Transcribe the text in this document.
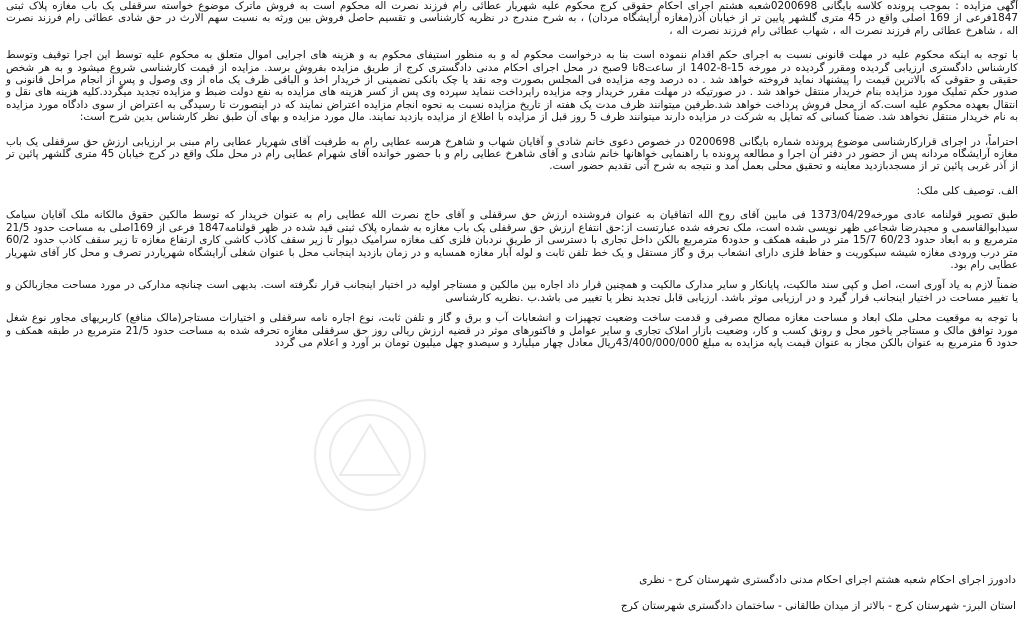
آگهی مزایده : بموجب پرونده کلاسه بایگانی 0200698شعبه هشتم اجرای احکام حقوقی کرج محکوم علیه شهریار عطائی رام فرزند نصرت اله محکوم است به فروش ماترک موضوع خواسته سرقفلی یک باب مغازه پلاک ثبتی 1847فرعی از 169 اصلی واقع در 45 متری گلشهر پایین تر از خیابان آذر(مغازه آرایشگاه مردان) ، به شرح مندرج در نظریه کارشناسی و تقسیم حاصل فروش بین ورثه به نسبت سهم الارث در حق شادی عطائی رام فرزند نصرت اله ، شاهرخ عطائی رام فرزند نصرت اله ، شهاب عطائی رام فرزند نصرت اله ،

با توجه به اینکه محکوم علیه در مهلت قانونی نسبت به اجرای حکم اقدام ننموده است بنا به درخواست محکوم له و به منظور استیفای محکوم به و هزینه های اجرایی اموال متعلق به محکوم علیه توسط این اجرا توقیف وتوسط کارشناس دادگستری ارزیابی گردیده ومقرر گردیده در مورخه 15-8-1402 از ساعت8تا 9صبح در محل اجرای احکام مدنی دادگستری کرج از طریق مزایده بفروش برسد. مزایده از قیمت کارشناسی شروع میشود و به هر شخص حقیقی و حقوقی که بالاترین قیمت را پیشنهاد نماید فروخته خواهد شد . ده درصد وجه مزایده فی المجلس بصورت وجه نقد یا چک بانکی تضمینی از خریدار اخذ و الباقی ظرف یک ماه از وی وصول و پس از انجام مراحل قانونی و صدور حکم تملیک مورد مزایده بنام خریدار منتقل خواهد شد . در صورتیکه در مهلت مقرر خریدار وجه مزایده رایرداخت ننماید سپرده وی پس از کسر هزینه های مزایده به نفع دولت ضبط و مزایده تجدید میگردد.کلیه هزینه های نقل و انتقال بعهده محکوم علیه است.که از محل فروش پرداخت خواهد شد.طرفین میتوانند ظرف مدت یک هفته از تاریخ مزایده نسبت به نحوه انجام مزایده اعتراض نمایند که در اینصورت تا رسیدگی به اعتراض از سوی دادگاه مورد مزایده به نام خریدار منتقل نخواهد شد. ضمناً کسانی که تمایل به شرکت در مزایده دارند میتوانند ظرف 5 روز قبل از مزایده با اطلاع از مزایده بازدید نمایند. مال مورد مزایده و بهای آن طبق نظر کارشناس بدین شرح است:

احتراماً، در اجرای قرارکارشناسی موضوع پرونده شماره بایگانی 0200698 در خصوص دعوی خانم شادی و آقایان شهاب و شاهرخ هرسه عطایی رام به طرفیت آقای شهریار عطایی رام مبنی بر ارزیابی ارزش حق سرقفلی یک باب مغازه آرایشگاه مردانه پس از حضور در دفتر آن اجرا و مطالعه پرونده با راهنمایی خواهانها خانم شادی و آقای شاهرخ عطایی رام و با حضور خوانده آقای شهرام عطایی رام در محل ملک واقع در کرج خیابان 45 متری گلشهر پائین تر از آذر غربی پائین تر از مسجدبازدید معاینه و تحقیق محلی بعمل آمد و نتیجه به شرح آتی تقدیم حضور است.

الف. توصیف کلی ملک:

طبق تصویر قولنامه عادی مورخه1373/04/29 فی مابین آقای روح الله اتفاقیان به عنوان فروشنده ارزش حق سرقفلی و آقای حاج نصرت الله عطایی رام به عنوان خریدار که توسط مالکین حقوق مالکانه ملک آقایان سیامک سیدابوالقاسمی و مجیدرضا شجاعی ظهر نویسی شده است، ملک تحرفه شده عبارتست از:حق انتفاع ارزش حق سرقفلی یک باب مغازه به شماره پلاک ثبتی قید شده در ظهر قولنامه1847 فرعی از 169اصلی به مساحت حدود 21/5 مترمربع و به ابعاد حدود 60/23 15/7 متر در طبقه همکف و حدود6 مترمربع بالکن داخل تجاری با دسترسی از طریق نردبان فلزی کف مغازه سرامیک دیوار تا زیر سقف کاذب کاشی کاری ارتفاع مغازه تا زیر سقف کاذب حدود 60/2 متر درب ورودی مغازه شیشه سیکوریت و حفاظ فلزی دارای انشعاب برق و گاز مستقل و یک خط تلفن ثابت و لوله آبار مغازه همسایه و در زمان بازدید اینجانب محل با عنوان شغلی آرایشگاه شهریاردر تصرف و محل کار آقای شهریار عطایی رام بود.

ضمناً لازم به یاد آوری است، اصل و کپی سند مالکیت، پایانکار و سایر مدارک مالکیت و همچنین قرار داد اجاره بین مالکین و مستاجر اولیه در اختیار اینجانب قرار نگرفته است. بدیهی است چنانچه مدارکی در مورد مساحت مجازبالکن و یا تغییر مساحت در اختیار اینجانب قرار گیرد و در ارزیابی موثر باشد. ارزیابی قابل تجدید نظر یا تغییر می باشد.ب .نظریه کارشناسی

با توجه به موقعیت محلی ملک ابعاد و مساحت مغازه مصالح مصرفی و قدمت ساخت وضعیت تجهیزات و انشعابات آب و برق و گاز و تلفن ثابت، نوع اجاره نامه سرقفلی و اختیارات مستاجر(مالک منافع) کاربریهای مجاور نوع شغل مورد توافق مالک و مستاجر یاخور محل و رونق کسب و کار، وضعیت بازار املاک تجاری و سایر عوامل و فاکتورهای موثر در قضیه ارزش ریالی روز حق سرقفلی مغازه تحرفه شده به مساحت حدود 21/5 مترمربع در طبقه همکف و حدود 6 مترمربع به عنوان بالکن مجاز به عنوان قیمت پایه مزایده به مبلغ 43/400/000/000ریال معادل چهار میلیارد و سیصدو چهل میلیون تومان بر آورد و اعلام می گردد

دادورز اجرای احکام شعبه هشتم اجرای احکام مدنی دادگستری شهرستان کرج - نظری
استان البرز- شهرستان کرج - بالاتر از میدان طالقانی - ساختمان دادگستری شهرستان کرج
